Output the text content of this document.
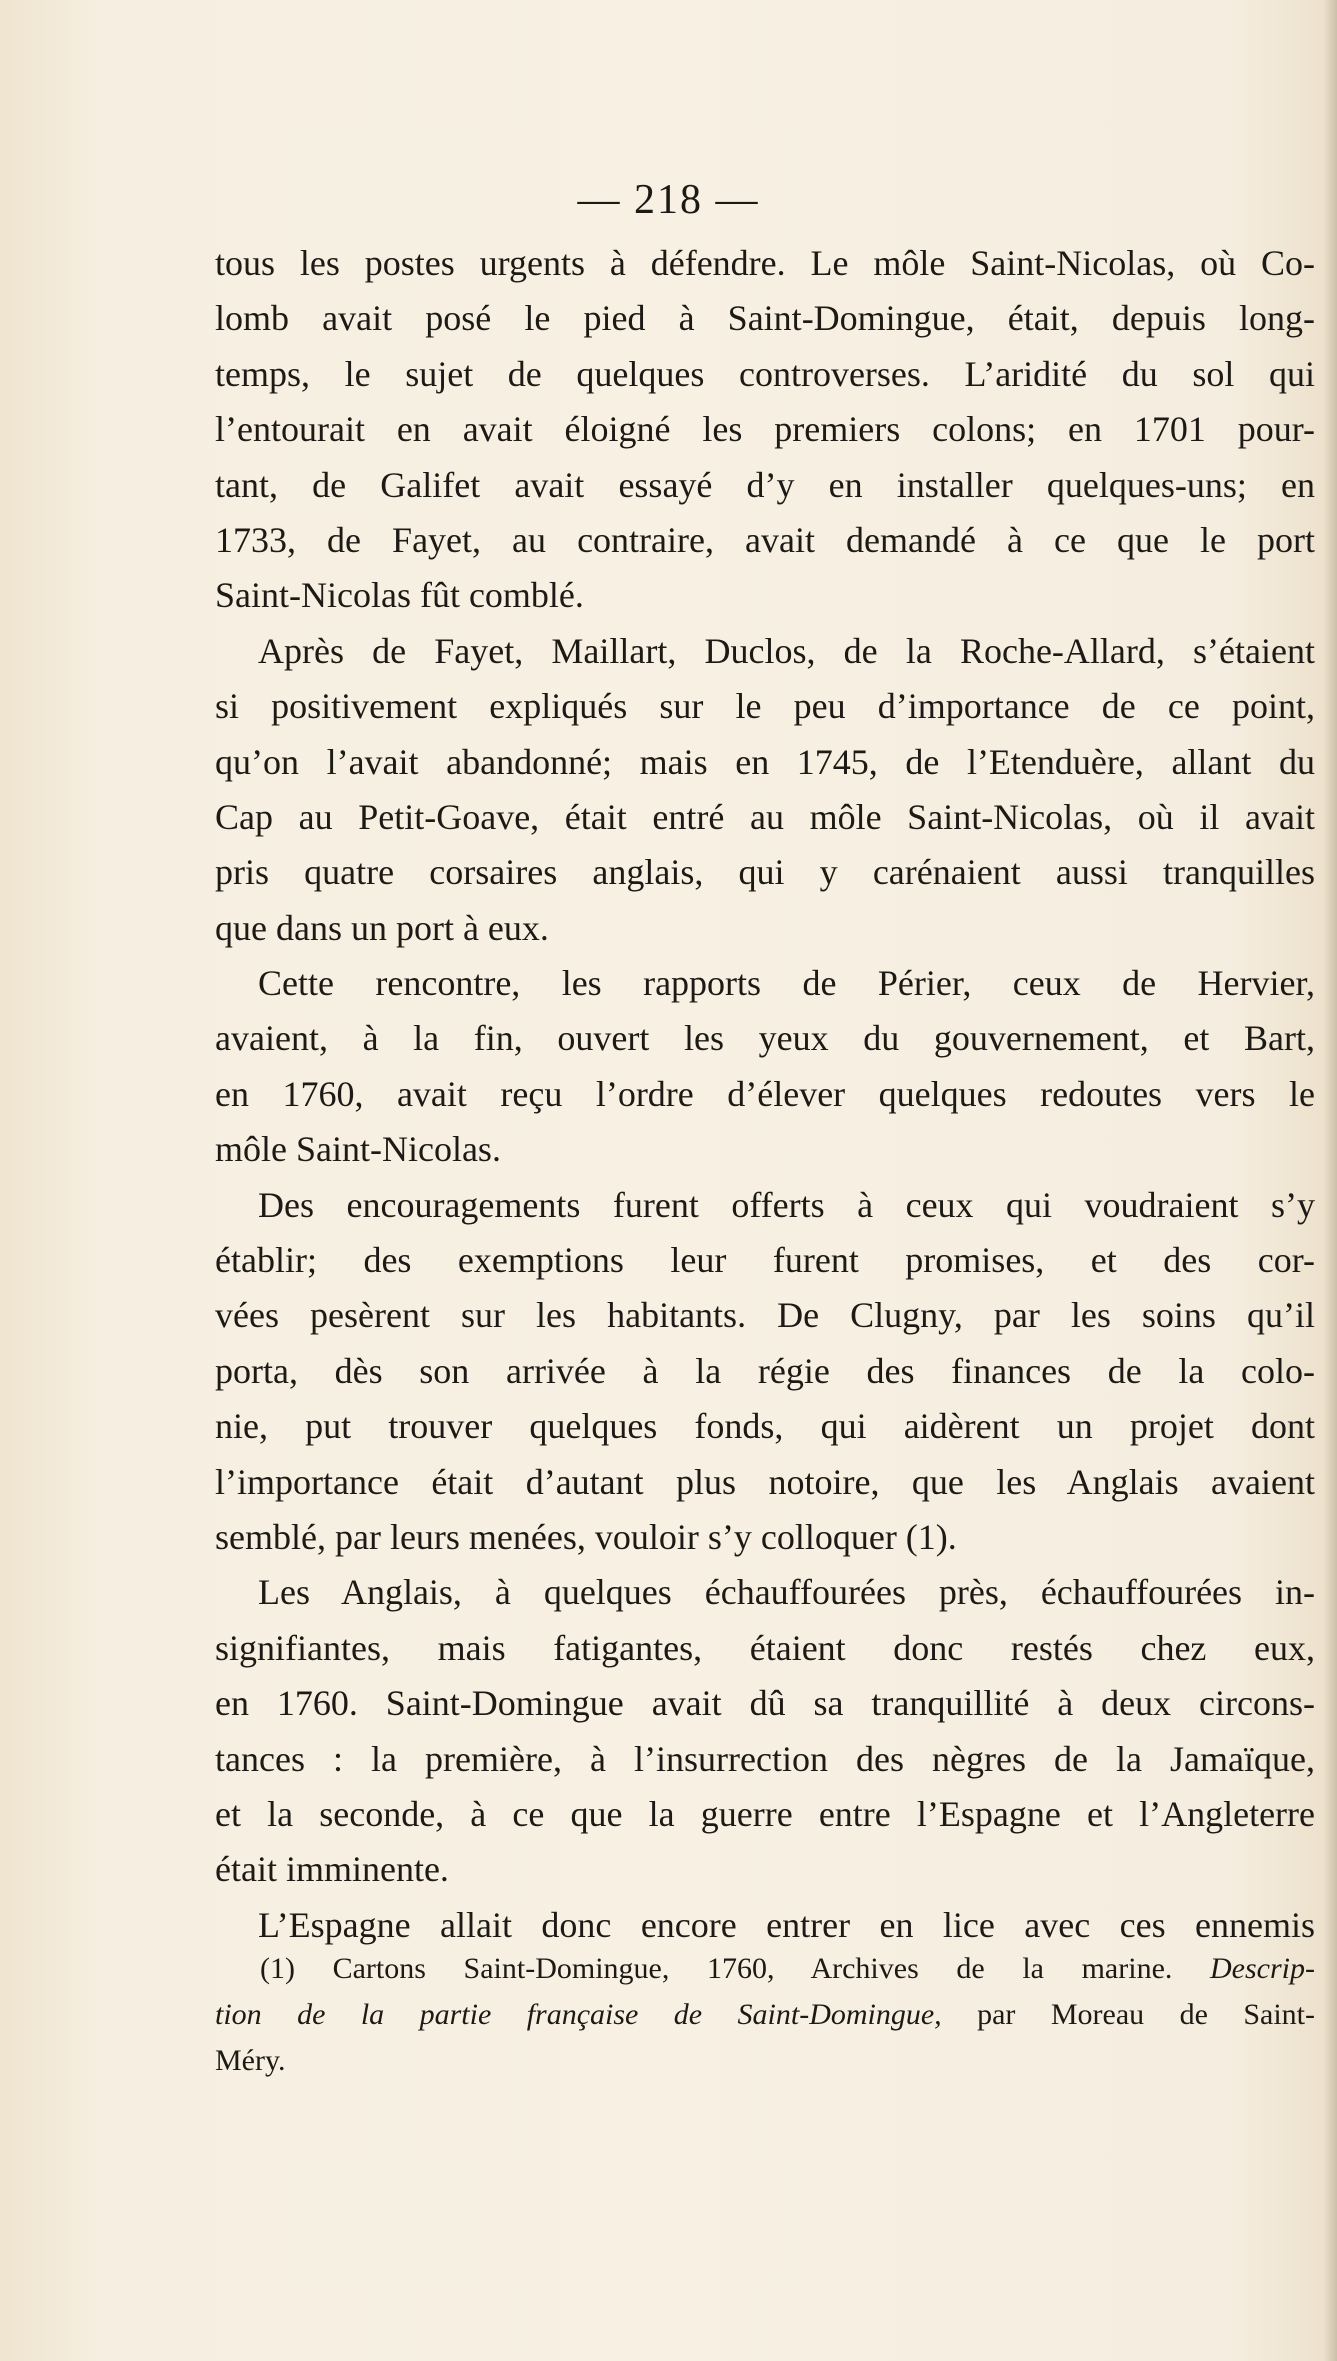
— 218 —
tous les postes urgents à défendre. Le môle Saint-Nicolas, où Co-
lomb avait posé le pied à Saint-Domingue, était, depuis long-
temps, le sujet de quelques controverses. L’aridité du sol qui
l’entourait en avait éloigné les premiers colons; en 1701 pour-
tant, de Galifet avait essayé d’y en installer quelques-uns; en
1733, de Fayet, au contraire, avait demandé à ce que le port
Saint-Nicolas fût comblé.
Après de Fayet, Maillart, Duclos, de la Roche-Allard, s’étaient
si positivement expliqués sur le peu d’importance de ce point,
qu’on l’avait abandonné; mais en 1745, de l’Etenduère, allant du
Cap au Petit-Goave, était entré au môle Saint-Nicolas, où il avait
pris quatre corsaires anglais, qui y carénaient aussi tranquilles
que dans un port à eux.
Cette rencontre, les rapports de Périer, ceux de Hervier,
avaient, à la fin, ouvert les yeux du gouvernement, et Bart,
en 1760, avait reçu l’ordre d’élever quelques redoutes vers le
môle Saint-Nicolas.
Des encouragements furent offerts à ceux qui voudraient s’y
établir; des exemptions leur furent promises, et des cor-
vées pesèrent sur les habitants. De Clugny, par les soins qu’il
porta, dès son arrivée à la régie des finances de la colo-
nie, put trouver quelques fonds, qui aidèrent un projet dont
l’importance était d’autant plus notoire, que les Anglais avaient
semblé, par leurs menées, vouloir s’y colloquer (1).
Les Anglais, à quelques échauffourées près, échauffourées in-
signifiantes, mais fatigantes, étaient donc restés chez eux,
en 1760. Saint-Domingue avait dû sa tranquillité à deux circons-
tances : la première, à l’insurrection des nègres de la Jamaïque,
et la seconde, à ce que la guerre entre l’Espagne et l’Angleterre
était imminente.
L’Espagne allait donc encore entrer en lice avec ces ennemis
(1) Cartons Saint-Domingue, 1760, Archives de la marine. Descrip-
tion de la partie française de Saint-Domingue, par Moreau de Saint-
Méry.
